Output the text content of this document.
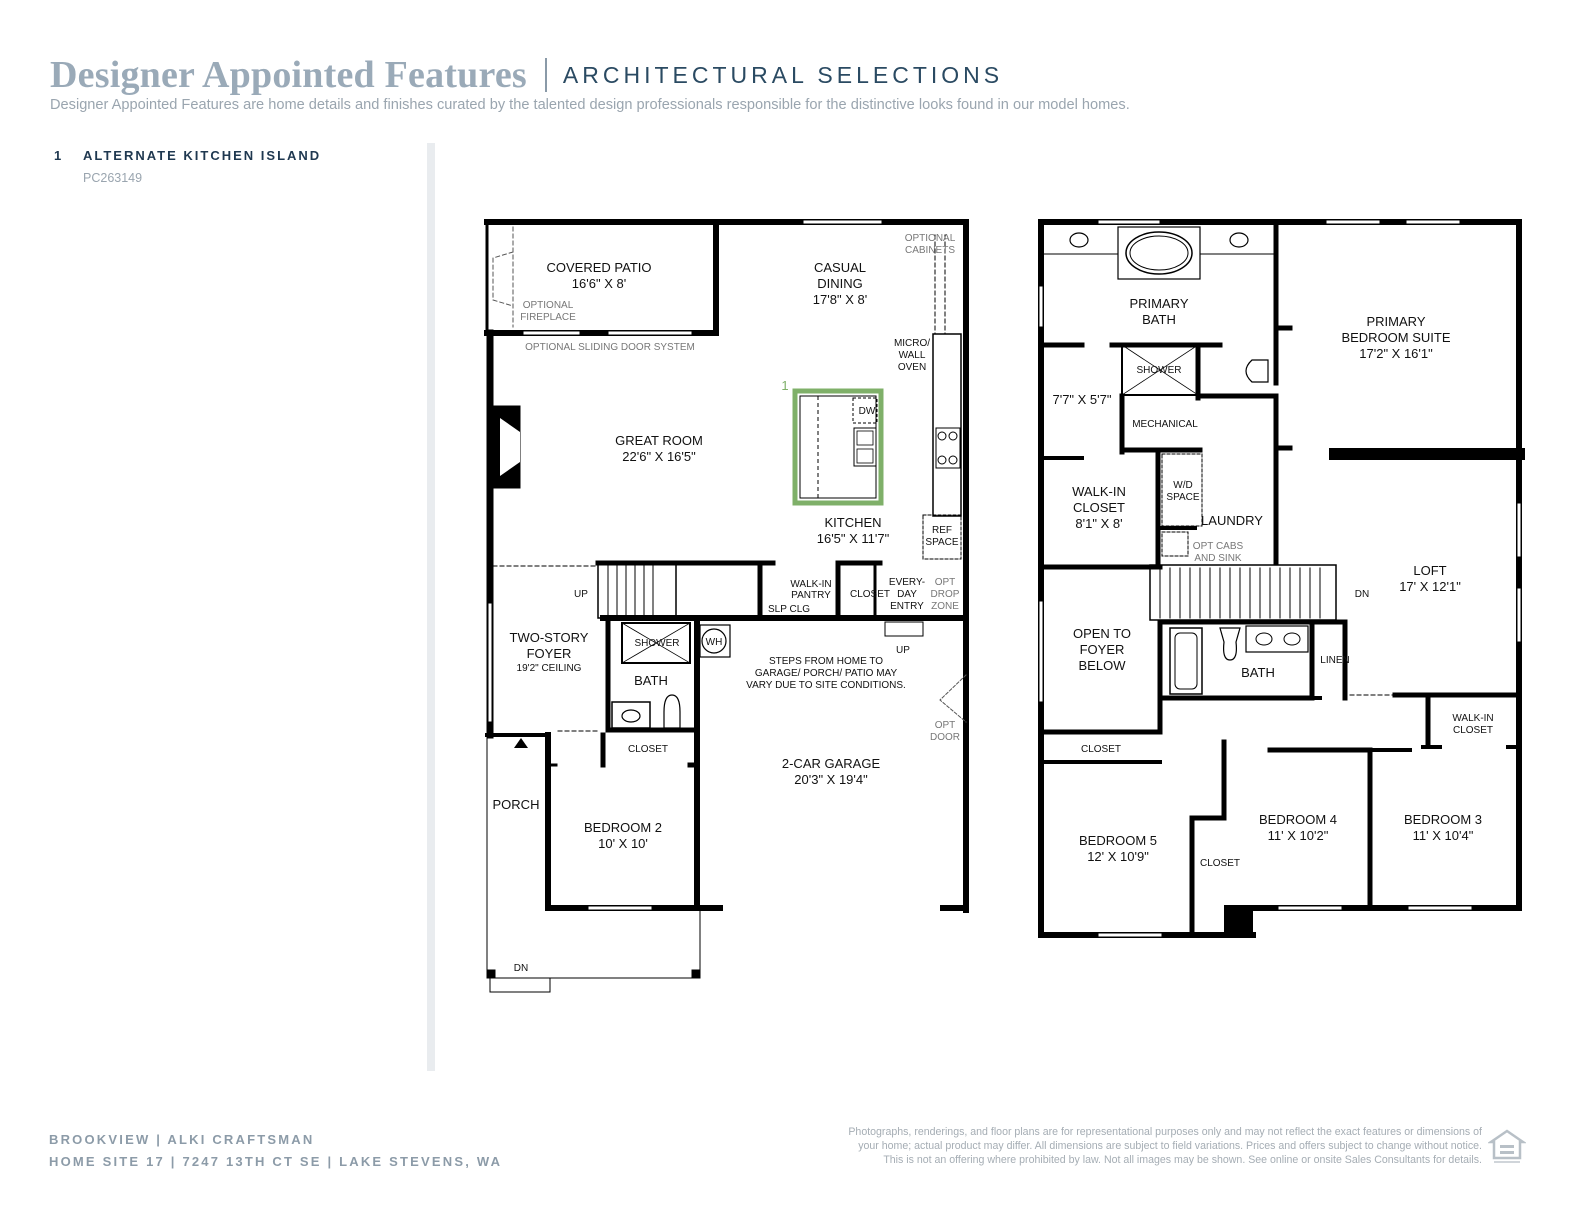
Designer Appointed Features ARCHITECTURAL SELECTIONS
Designer Appointed Features are home details and finishes curated by the talented design professionals responsible for the distinctive looks found in our model homes.
1	ALTERNATE KITCHEN ISLAND
PC263149
COVERED PATIO
16'6" X 8'
OPTIONAL
FIREPLACE
OPTIONAL SLIDING DOOR SYSTEM
CASUAL
DINING
17'8" X 8'
OPTIONAL
CABINETS
MICRO/
WALL
OVEN
1
DW
GREAT ROOM
22'6" X 16'5"
KITCHEN
16'5" X 11'7"
REF
SPACE
UP
WALK-IN
PANTRY
SLP CLG
CLOSET
EVERY-
DAY
ENTRY
OPT
DROP
ZONE
TWO-STORY
FOYER
19'2" CEILING
SHOWER	WH
BATH
UP
STEPS FROM HOME TO
GARAGE/ PORCH/ PATIO MAY
VARY DUE TO SITE CONDITIONS.
OPT
DOOR
CLOSET
2-CAR GARAGE
20'3" X 19'4"
PORCH
BEDROOM 2
10' X 10'
DN
PRIMARY
BATH	PRIMARY
BEDROOM SUITE
17'2" X 16'1"
SHOWER
7'7" X 5'7"
MECHANICAL
WALK-IN
CLOSET
8'1" X 8'
W/D
SPACE
LAUNDRY
OPT CABS
AND SINK
LOFT
17' X 12'1"
DN
OPEN TO
FOYER
BELOW	BATH
LINEN
WALK-IN
CLOSET
CLOSET
BEDROOM 5
12' X 10'9"
BEDROOM 4
11' X 10'2"
CLOSET
BEDROOM 3
11' X 10'4"
BROOKVIEW | ALKI CRAFTSMAN
HOME SITE 17 | 7247 13TH CT SE | LAKE STEVENS, WA
Photographs, renderings, and floor plans are for representational purposes only and may not reflect the exact features or dimensions of
your home; actual product may differ. All dimensions are subject to field variations. Prices and offers subject to change without notice.
This is not an offering where prohibited by law. Not all images may be shown. See online or onsite Sales Consultants for details.
